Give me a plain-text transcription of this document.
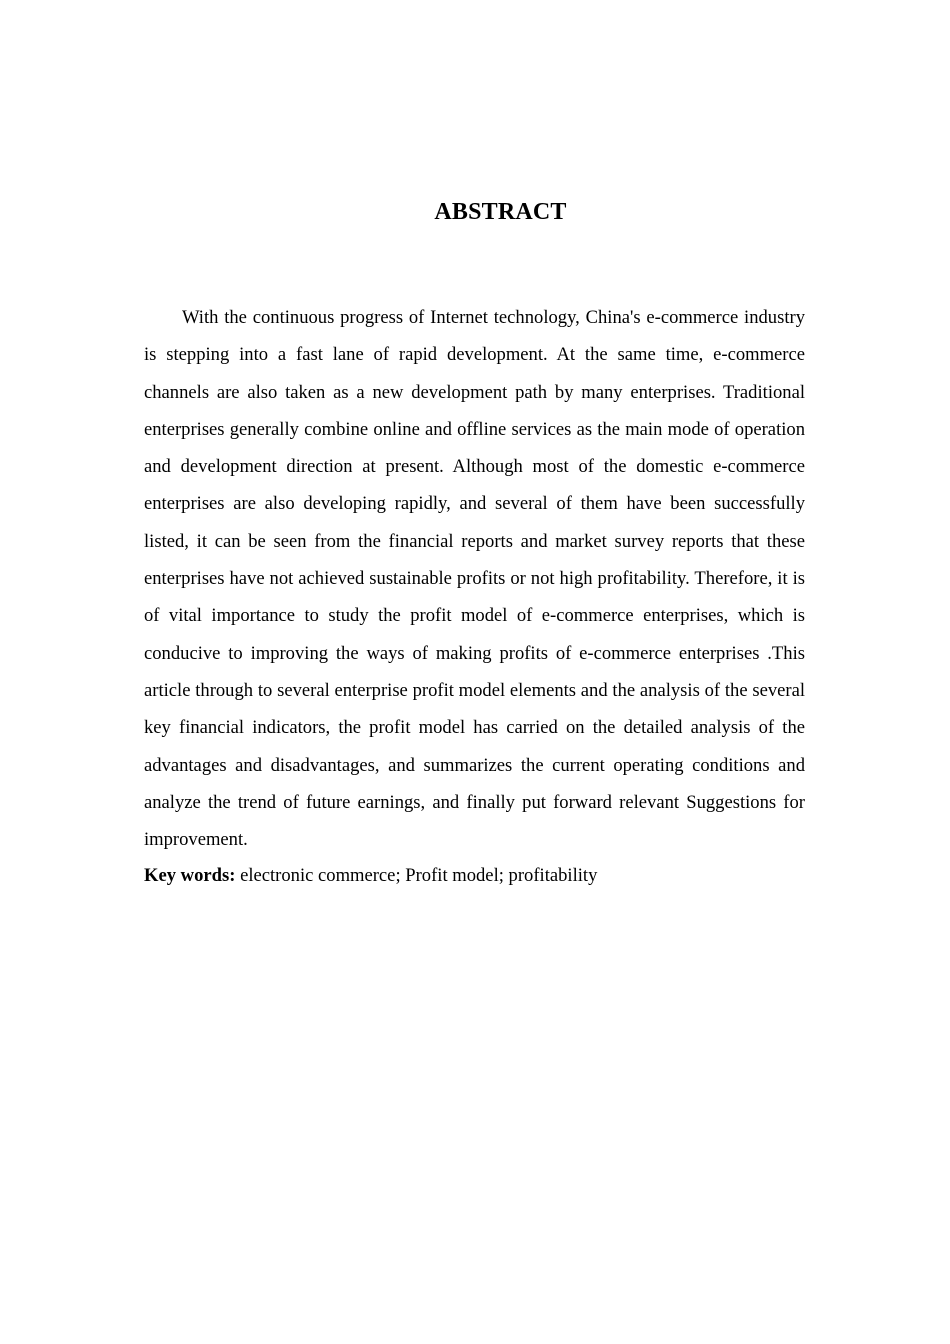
ABSTRACT

With the continuous progress of Internet technology, China's e-commerce industry is stepping into a fast lane of rapid development. At the same time, e-commerce channels are also taken as a new development path by many enterprises. Traditional enterprises generally combine online and offline services as the main mode of operation and development direction at present. Although most of the domestic e-commerce enterprises are also developing rapidly, and several of them have been successfully listed, it can be seen from the financial reports and market survey reports that these enterprises have not achieved sustainable profits or not high profitability. Therefore, it is of vital importance to study the profit model of e-commerce enterprises, which is conducive to improving the ways of making profits of e-commerce enterprises .This article through to several enterprise profit model elements and the analysis of the several key financial indicators, the profit model has carried on the detailed analysis of the advantages and disadvantages, and summarizes the current operating conditions and analyze the trend of future earnings, and finally put forward relevant Suggestions for improvement.

Key words: electronic commerce; Profit model; profitability
